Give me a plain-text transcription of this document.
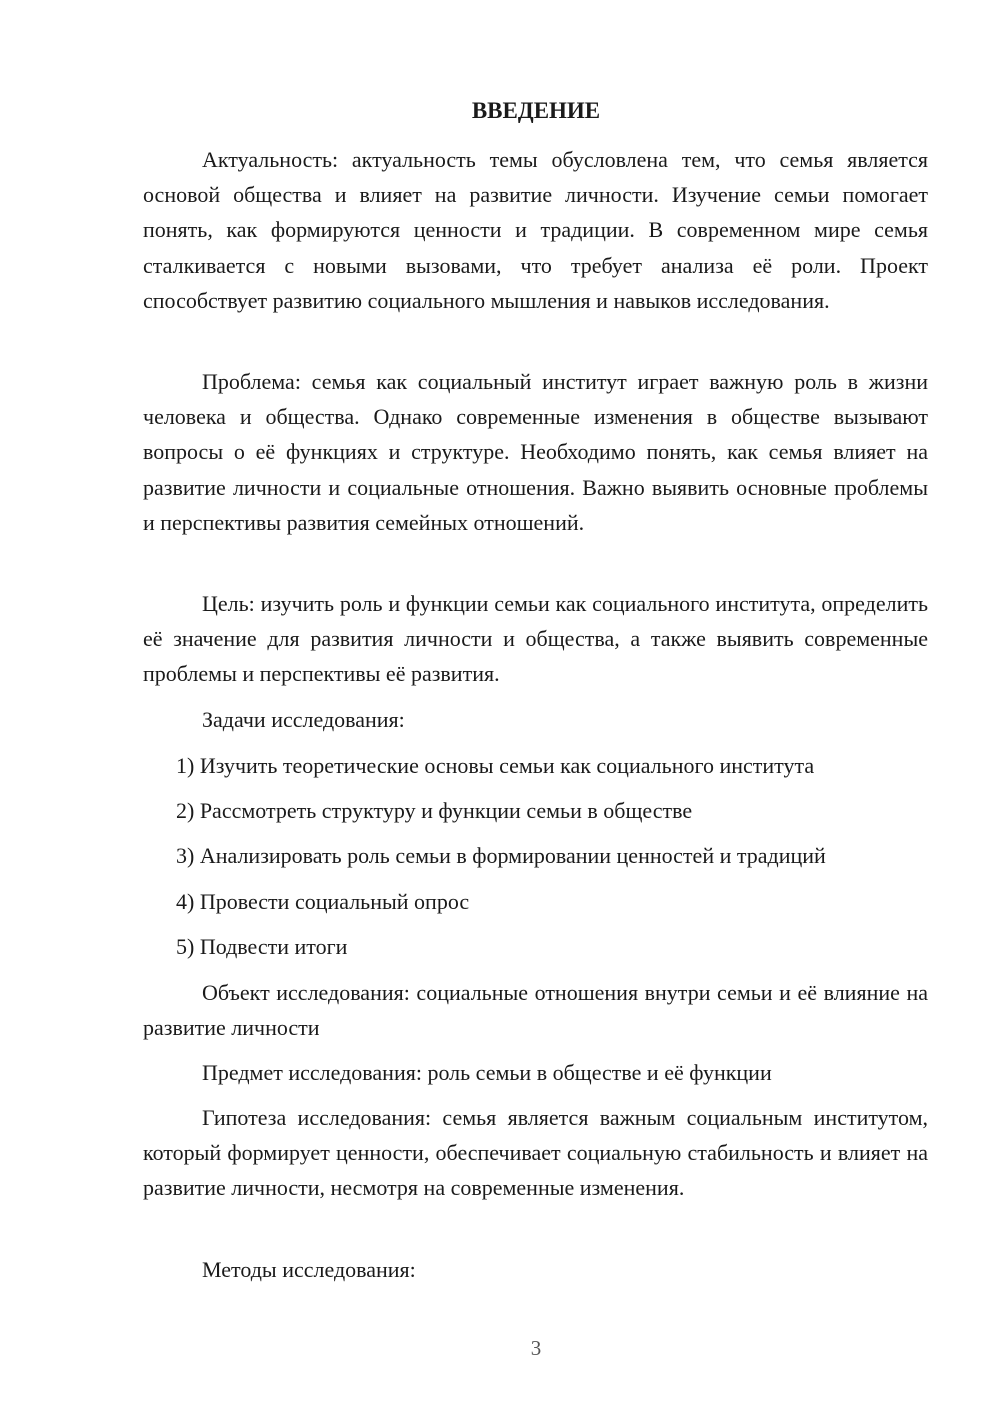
ВВЕДЕНИЕ

Актуальность: актуальность темы обусловлена тем, что семья является основой общества и влияет на развитие личности. Изучение семьи помогает понять, как формируются ценности и традиции. В современном мире семья сталкивается с новыми вызовами, что требует анализа её роли. Проект способствует развитию социального мышления и навыков исследования.

Проблема: семья как социальный институт играет важную роль в жизни человека и общества. Однако современные изменения в обществе вызывают вопросы о её функциях и структуре. Необходимо понять, как семья влияет на развитие личности и социальные отношения. Важно выявить основные проблемы и перспективы развития семейных отношений.

Цель: изучить роль и функции семьи как социального института, определить её значение для развития личности и общества, а также выявить современные проблемы и перспективы её развития.

Задачи исследования:

1) Изучить теоретические основы семьи как социального института
2) Рассмотреть структуру и функции семьи в обществе
3) Анализировать роль семьи в формировании ценностей и традиций
4) Провести социальный опрос
5) Подвести итоги

Объект исследования: социальные отношения внутри семьи и её влияние на развитие личности

Предмет исследования: роль семьи в обществе и её функции

Гипотеза исследования: семья является важным социальным институтом, который формирует ценности, обеспечивает социальную стабильность и влияет на развитие личности, несмотря на современные изменения.

Методы исследования:

3
